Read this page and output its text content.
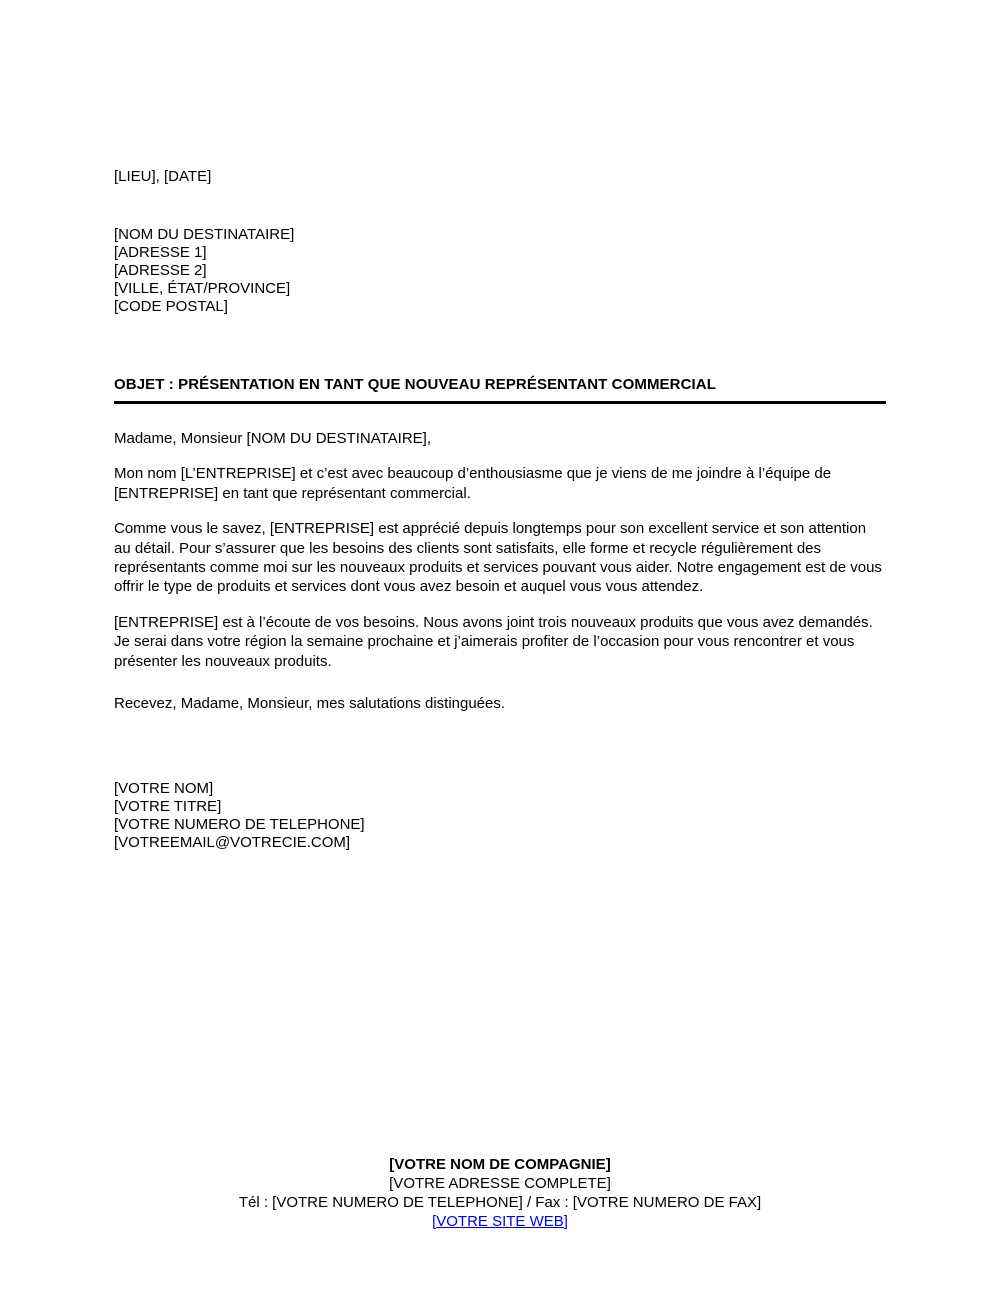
[LIEU], [DATE]
[NOM DU DESTINATAIRE]
[ADRESSE 1]
[ADRESSE 2]
[VILLE, ÉTAT/PROVINCE]
[CODE POSTAL]
OBJET : PRÉSENTATION EN TANT QUE NOUVEAU REPRÉSENTANT COMMERCIAL

Madame, Monsieur [NOM DU DESTINATAIRE],

Mon nom [L’ENTREPRISE] et c’est avec beaucoup d’enthousiasme que je viens de me joindre à l’équipe de [ENTREPRISE] en tant que représentant commercial.

Comme vous le savez, [ENTREPRISE] est apprécié depuis longtemps pour son excellent service et son attention au détail. Pour s’assurer que les besoins des clients sont satisfaits, elle forme et recycle régulièrement des représentants comme moi sur les nouveaux produits et services pouvant vous aider. Notre engagement est de vous offrir le type de produits et services dont vous avez besoin et auquel vous vous attendez.

[ENTREPRISE] est à l’écoute de vos besoins. Nous avons joint trois nouveaux produits que vous avez demandés. Je serai dans votre région la semaine prochaine et j’aimerais profiter de l’occasion pour vous rencontrer et vous présenter les nouveaux produits.

Recevez, Madame, Monsieur, mes salutations distinguées.
[VOTRE NOM]
[VOTRE TITRE]
[VOTRE NUMERO DE TELEPHONE]
[VOTREEMAIL@VOTRECIE.COM]
[VOTRE NOM DE COMPAGNIE]
[VOTRE ADRESSE COMPLETE]
Tél : [VOTRE NUMERO DE TELEPHONE] / Fax : [VOTRE NUMERO DE FAX]
[VOTRE SITE WEB]
